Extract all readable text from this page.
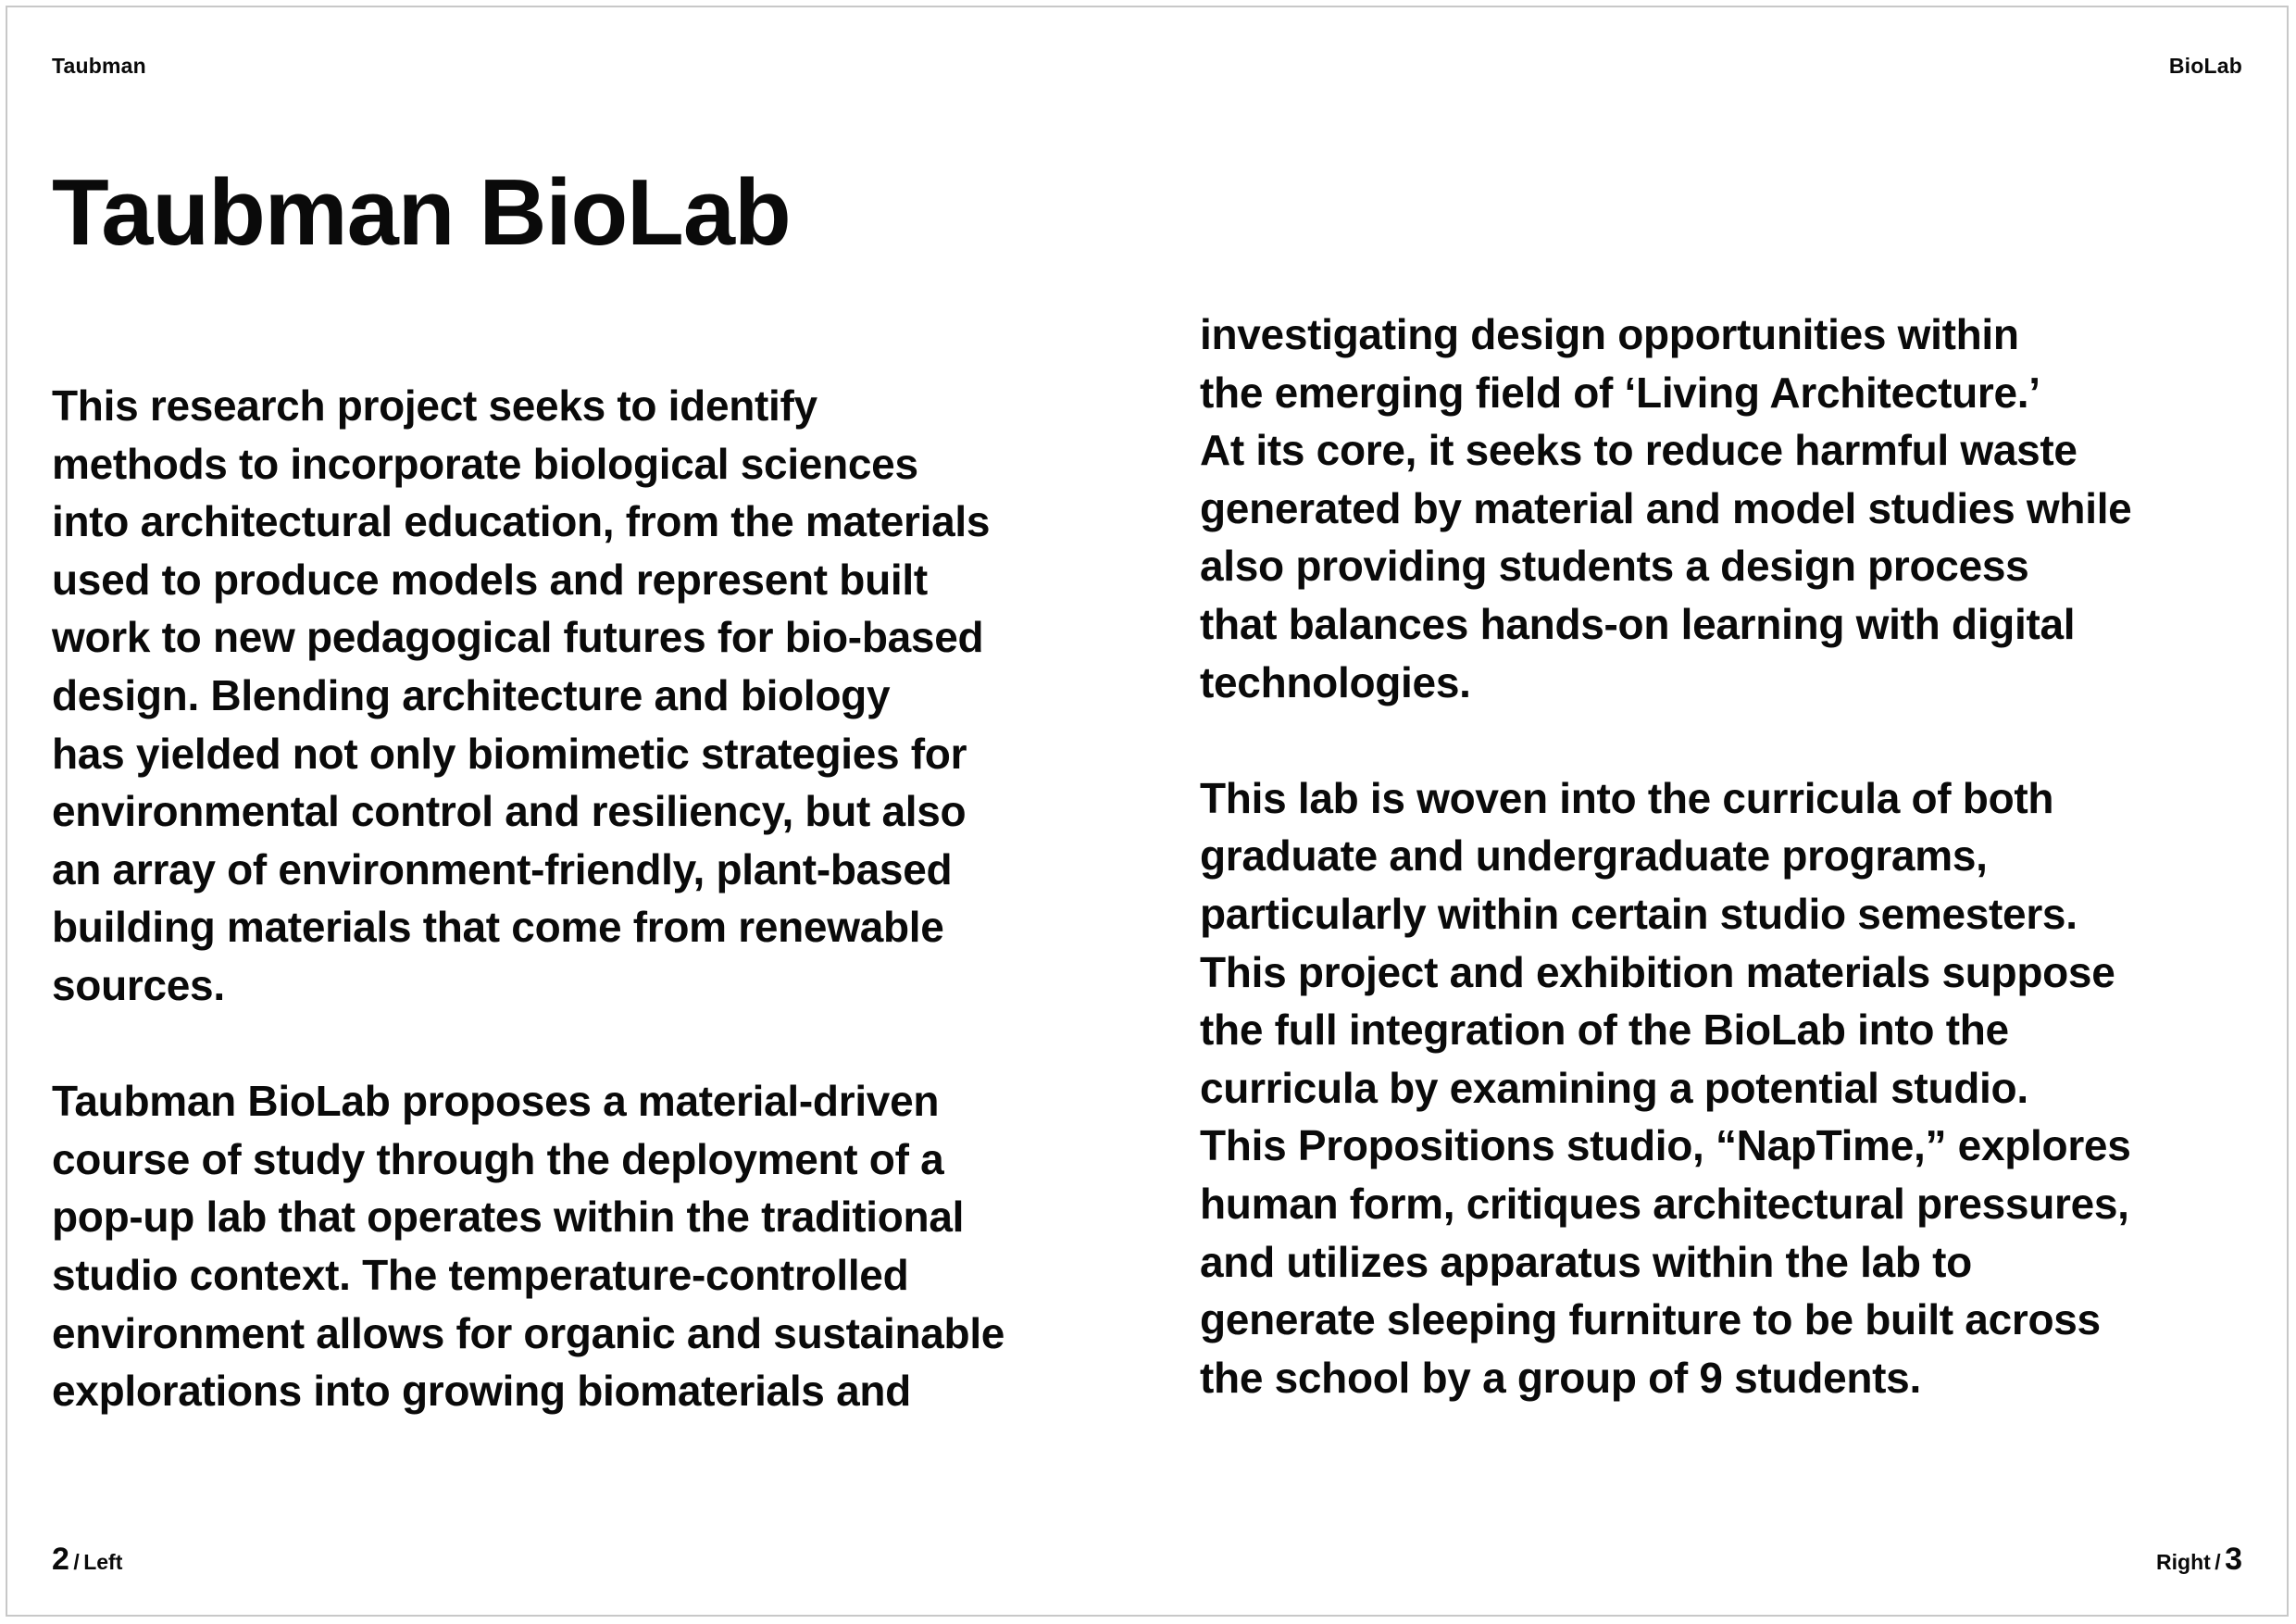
Taubman	BioLab
Taubman BioLab

This research project seeks to identify
methods to incorporate biological sciences
into architectural education, from the materials
used to produce models and represent built
work to new pedagogical futures for bio-based
design. Blending architecture and biology
has yielded not only biomimetic strategies for
environmental control and resiliency, but also
an array of environment-friendly, plant-based
building materials that come from renewable
sources.

Taubman BioLab proposes a material-driven
course of study through the deployment of a
pop-up lab that operates within the traditional
studio context. The temperature-controlled
environment allows for organic and sustainable
explorations into growing biomaterials and

investigating design opportunities within
the emerging field of ‘Living Architecture.’
At its core, it seeks to reduce harmful waste
generated by material and model studies while
also providing students a design process
that balances hands-on learning with digital
technologies.

This lab is woven into the curricula of both
graduate and undergraduate programs,
particularly within certain studio semesters.
This project and exhibition materials suppose
the full integration of the BioLab into the
curricula by examining a potential studio.
This Propositions studio, “NapTime,” explores
human form, critiques architectural pressures,
and utilizes apparatus within the lab to
generate sleeping furniture to be built across
the school by a group of 9 students.

2 / Left	Right / 3
